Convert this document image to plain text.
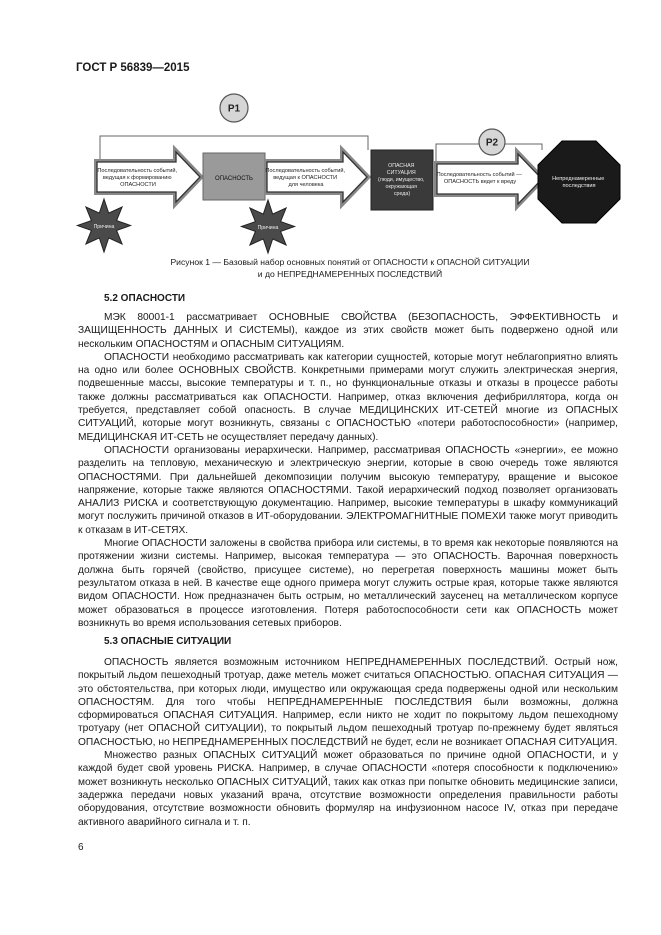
ГОСТ Р 56839—2015
P1
P2
Последовательность событий, ведущая к формированию ОПАСНОСТИ
ОПАСНОСТЬ
Последовательность событий, ведущая к ОПАСНОСТИ для человека
ОПАСНАЯ СИТУАЦИЯ (люди, имущество, окружающая среда)
Последовательность событий — ОПАСНОСТЬ ведет к вреду	Непреднамеренные последствия
Причина	Причина
Рисунок 1 — Базовый набор основных понятий от ОПАСНОСТИ к ОПАСНОЙ СИТУАЦИИ
и до НЕПРЕДНАМЕРЕННЫХ ПОСЛЕДСТВИЙ
5.2 ОПАСНОСТИ

МЭК 80001-1 рассматривает ОСНОВНЫЕ СВОЙСТВА (БЕЗОПАСНОСТЬ, ЭФФЕКТИВНОСТЬ и ЗАЩИЩЕННОСТЬ ДАННЫХ И СИСТЕМЫ), каждое из этих свойств может быть подвержено одной или нескольким ОПАСНОСТЯМ и ОПАСНЫМ СИТУАЦИЯМ.

ОПАСНОСТИ необходимо рассматривать как категории сущностей, которые могут неблагоприятно влиять на одно или более ОСНОВНЫХ СВОЙСТВ. Конкретными примерами могут служить электрическая энергия, подвешенные массы, высокие температуры и т. п., но функциональные отказы и отказы в процессе работы также должны рассматриваться как ОПАСНОСТИ. Например, отказ включения дефибриллятора, когда он требуется, представляет собой опасность. В случае МЕДИЦИНСКИХ ИТ-СЕТЕЙ многие из ОПАСНЫХ СИТУАЦИЙ, которые могут возникнуть, связаны с ОПАСНОСТЬЮ «потери работоспособности» (например, МЕДИЦИНСКАЯ ИТ-СЕТЬ не осуществляет передачу данных).

ОПАСНОСТИ организованы иерархически. Например, рассматривая ОПАСНОСТЬ «энергии», ее можно разделить на тепловую, механическую и электрическую энергии, которые в свою очередь тоже являются ОПАСНОСТЯМИ. При дальнейшей декомпозиции получим высокую температуру, вращение и высокое напряжение, которые также являются ОПАСНОСТЯМИ. Такой иерархический подход позволяет организовать АНАЛИЗ РИСКА и соответствующую документацию. Например, высокие температуры в шкафу коммуникаций могут послужить причиной отказов в ИТ-оборудовании. ЭЛЕКТРОМАГНИТНЫЕ ПОМЕХИ также могут приводить к отказам в ИТ-СЕТЯХ.

Многие ОПАСНОСТИ заложены в свойства прибора или системы, в то время как некоторые появляются на протяжении жизни системы. Например, высокая температура — это ОПАСНОСТЬ. Варочная поверхность должна быть горячей (свойство, присущее системе), но перегретая поверхность машины может быть результатом отказа в ней. В качестве еще одного примера могут служить острые края, которые также являются видом ОПАСНОСТИ. Нож предназначен быть острым, но металлический заусенец на металлическом корпусе может образоваться в процессе изготовления. Потеря работоспособности сети как ОПАСНОСТЬ может возникнуть во время использования сетевых приборов.

5.3 ОПАСНЫЕ СИТУАЦИИ

ОПАСНОСТЬ является возможным источником НЕПРЕДНАМЕРЕННЫХ ПОСЛЕДСТВИЙ. Острый нож, покрытый льдом пешеходный тротуар, даже метель может считаться ОПАСНОСТЬЮ. ОПАСНАЯ СИТУАЦИЯ — это обстоятельства, при которых люди, имущество или окружающая среда подвержены одной или нескольким ОПАСНОСТЯМ. Для того чтобы НЕПРЕДНАМЕРЕННЫЕ ПОСЛЕДСТВИЯ были возможны, должна сформироваться ОПАСНАЯ СИТУАЦИЯ. Например, если никто не ходит по покрытому льдом пешеходному тротуару (нет ОПАСНОЙ СИТУАЦИИ), то покрытый льдом пешеходный тротуар по-прежнему будет являться ОПАСНОСТЬЮ, но НЕПРЕДНАМЕРЕННЫХ ПОСЛЕДСТВИЙ не будет, если не возникает ОПАСНАЯ СИТУАЦИЯ.

Множество разных ОПАСНЫХ СИТУАЦИЙ может образоваться по причине одной ОПАСНОСТИ, и у каждой будет свой уровень РИСКА. Например, в случае ОПАСНОСТИ «потеря способности к подключению» может возникнуть несколько ОПАСНЫХ СИТУАЦИЙ, таких как отказ при попытке обновить медицинские записи, задержка передачи новых указаний врача, отсутствие возможности определения правильности работы оборудования, отсутствие возможности обновить формуляр на инфузионном насосе IV, отказ при передаче активного аварийного сигнала и т. п.

6
